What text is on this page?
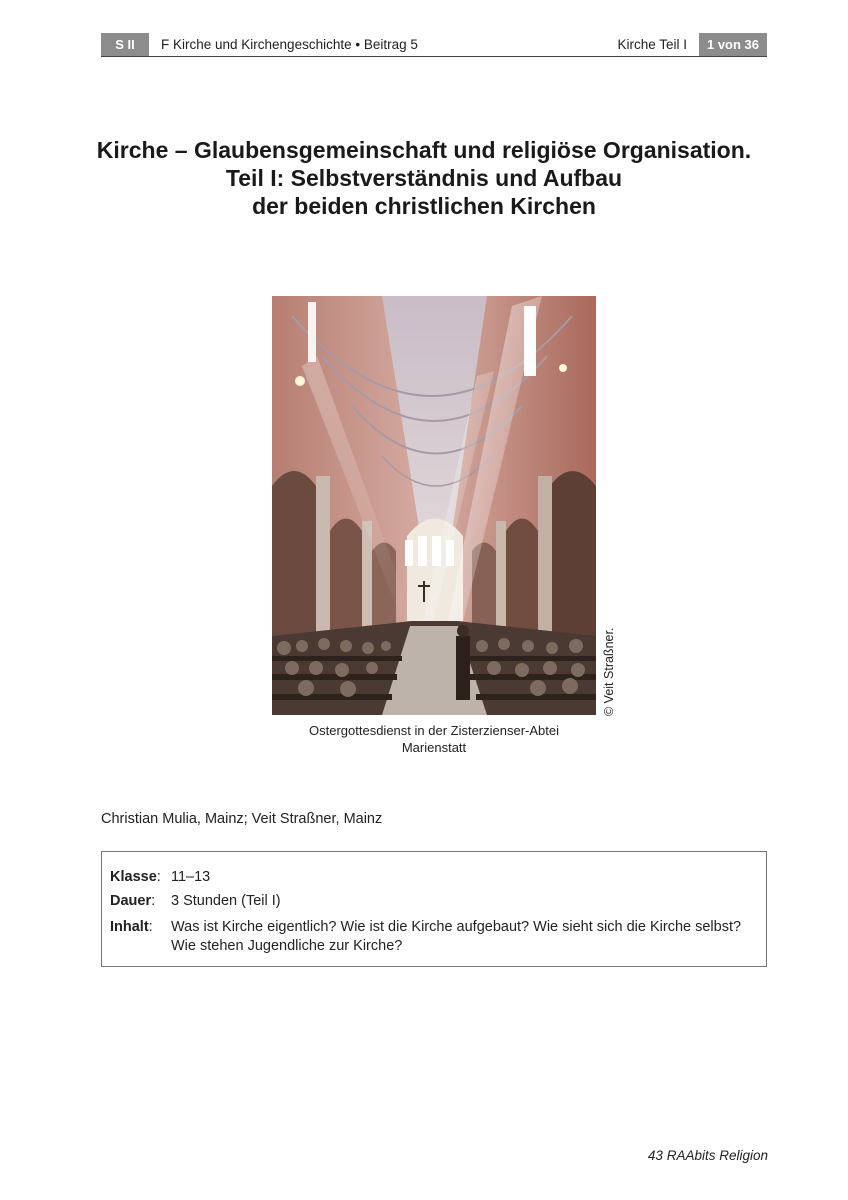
S II	F Kirche und Kirchengeschichte • Beitrag 5	Kirche Teil I	1 von 36
Kirche – Glaubensgemeinschaft und religiöse Organisation.
Teil I: Selbstverständnis und Aufbau
der beiden christlichen Kirchen
© Veit Straßner.
Ostergottesdienst in der Zisterzienser-Abtei
Marienstatt
Christian Mulia, Mainz; Veit Straßner, Mainz
Klasse: 11–13
Dauer: 3 Stunden (Teil I)
Inhalt: Was ist Kirche eigentlich? Wie ist die Kirche aufgebaut? Wie sieht sich die Kirche selbst?
Wie stehen Jugendliche zur Kirche?
43 RAAbits Religion
